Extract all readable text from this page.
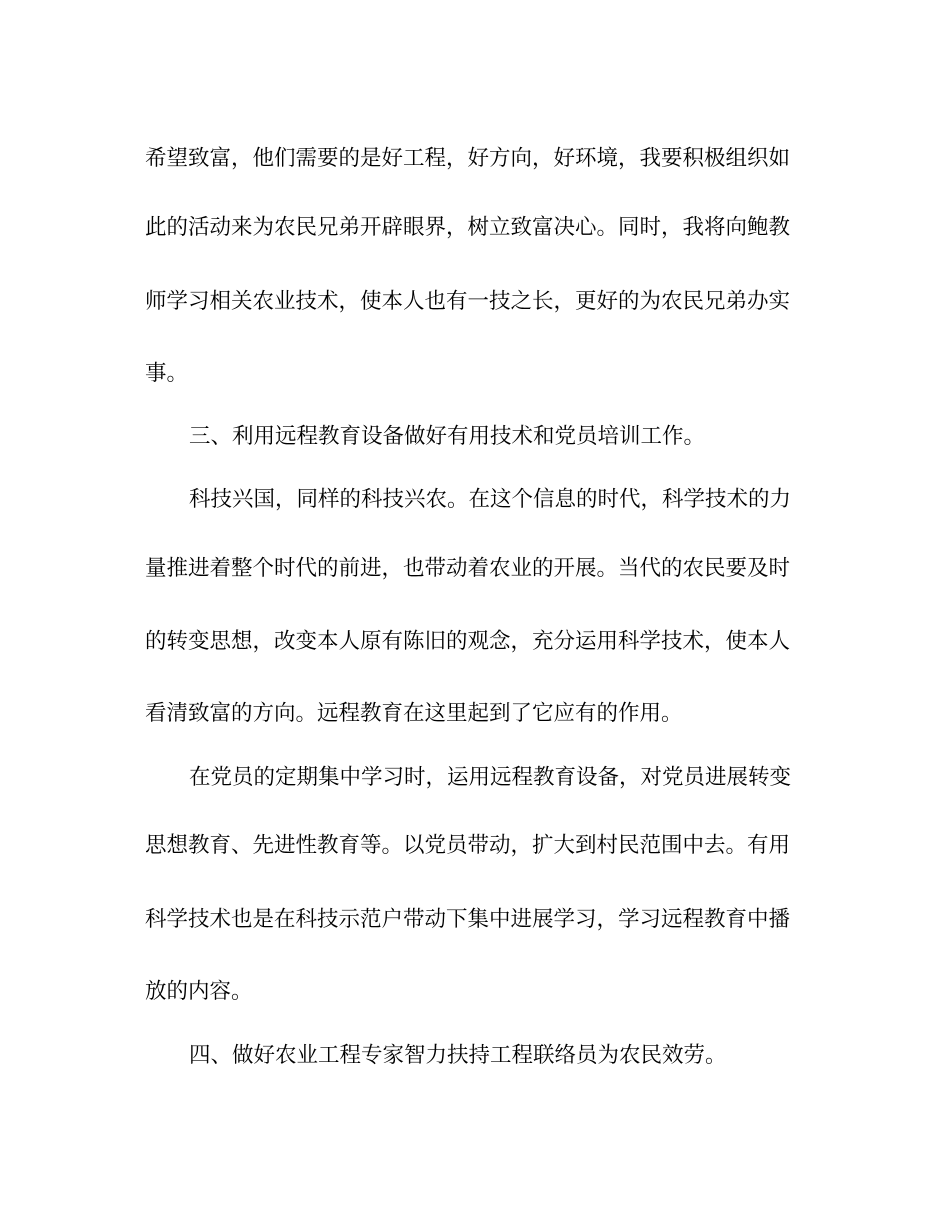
希望致富，他们需要的是好工程，好方向，好环境，我要积极组织如
此的活动来为农民兄弟开辟眼界，树立致富决心。同时，我将向鲍教
师学习相关农业技术，使本人也有一技之长，更好的为农民兄弟办实
事。
三、利用远程教育设备做好有用技术和党员培训工作。
科技兴国，同样的科技兴农。在这个信息的时代，科学技术的力
量推进着整个时代的前进，也带动着农业的开展。当代的农民要及时
的转变思想，改变本人原有陈旧的观念，充分运用科学技术，使本人
看清致富的方向。远程教育在这里起到了它应有的作用。
在党员的定期集中学习时，运用远程教育设备，对党员进展转变
思想教育、先进性教育等。以党员带动，扩大到村民范围中去。有用
科学技术也是在科技示范户带动下集中进展学习，学习远程教育中播
放的内容。
四、做好农业工程专家智力扶持工程联络员为农民效劳。
